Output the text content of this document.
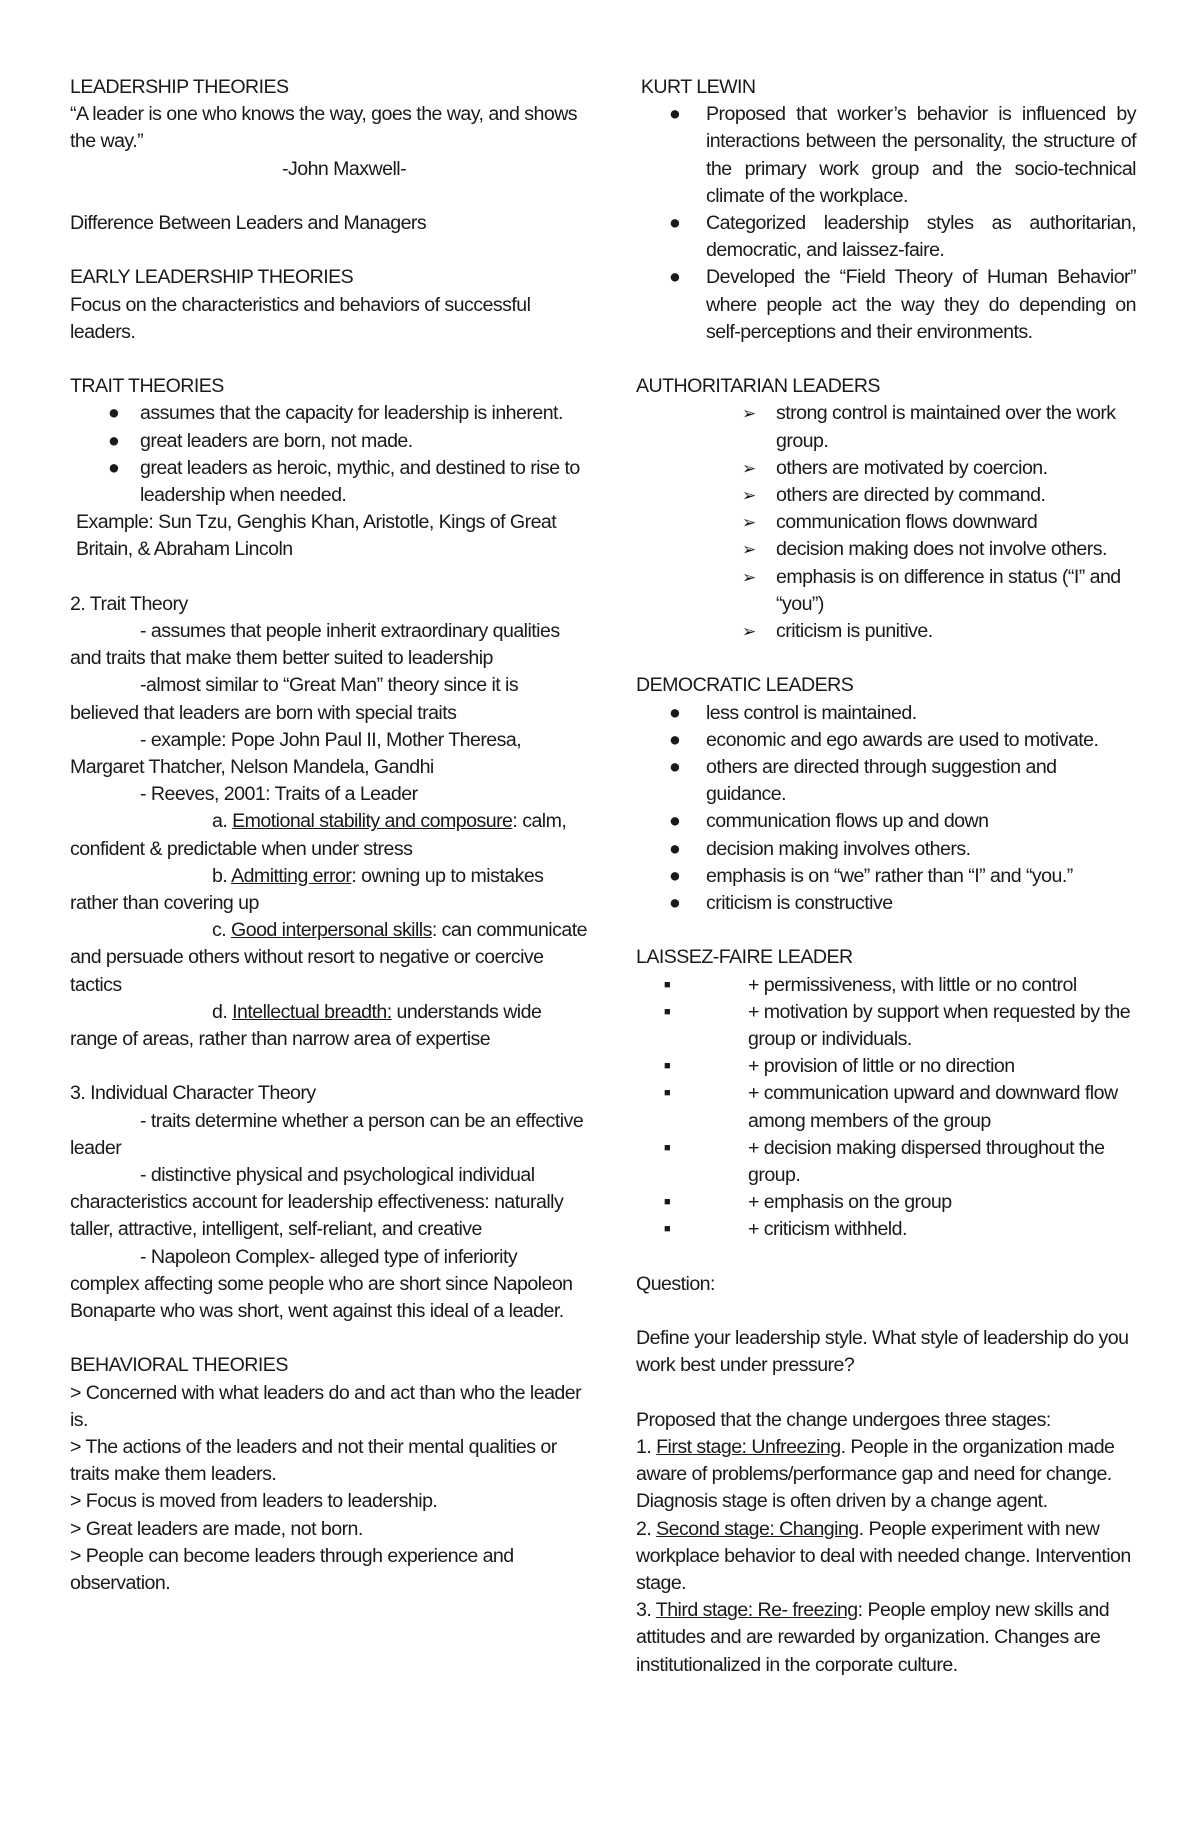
LEADERSHIP THEORIES

“A leader is one who knows the way, goes the way, and shows the way.”

-John Maxwell-

Difference Between Leaders and Managers

EARLY LEADERSHIP THEORIES

Focus on the characteristics and behaviors of successful leaders.

TRAIT THEORIES

● assumes that the capacity for leadership is inherent.
● great leaders are born, not made.
● great leaders as heroic, mythic, and destined to rise to leadership when needed.

Example: Sun Tzu, Genghis Khan, Aristotle, Kings of Great Britain, & Abraham Lincoln

2. Trait Theory

- assumes that people inherit extraordinary qualities and traits that make them better suited to leadership

-almost similar to “Great Man” theory since it is believed that leaders are born with special traits

- example: Pope John Paul II, Mother Theresa, Margaret Thatcher, Nelson Mandela, Gandhi

- Reeves, 2001: Traits of a Leader

a. Emotional stability and composure: calm, confident & predictable when under stress

b. Admitting error: owning up to mistakes rather than covering up

c. Good interpersonal skills: can communicate and persuade others without resort to negative or coercive tactics

d. Intellectual breadth: understands wide range of areas, rather than narrow area of expertise

3. Individual Character Theory

- traits determine whether a person can be an effective leader

- distinctive physical and psychological individual characteristics account for leadership effectiveness: naturally taller, attractive, intelligent, self-reliant, and creative

- Napoleon Complex- alleged type of inferiority complex affecting some people who are short since Napoleon Bonaparte who was short, went against this ideal of a leader.

BEHAVIORAL THEORIES

> Concerned with what leaders do and act than who the leader is.

> The actions of the leaders and not their mental qualities or traits make them leaders.

> Focus is moved from leaders to leadership.

> Great leaders are made, not born.

> People can become leaders through experience and observation.

KURT LEWIN

● Proposed that worker’s behavior is influenced by interactions between the personality, the structure of the primary work group and the socio-technical climate of the workplace.
● Categorized leadership styles as authoritarian, democratic, and laissez-faire.
● Developed the “Field Theory of Human Behavior” where people act the way they do depending on self-perceptions and their environments.

AUTHORITARIAN LEADERS

➢ strong control is maintained over the work group.
➢ others are motivated by coercion.
➢ others are directed by command.
➢ communication flows downward
➢ decision making does not involve others.
➢ emphasis is on difference in status (“I” and “you”)
➢ criticism is punitive.

DEMOCRATIC LEADERS

● less control is maintained.
● economic and ego awards are used to motivate.
● others are directed through suggestion and guidance.
● communication flows up and down
● decision making involves others.
● emphasis is on “we” rather than “I” and “you.”
● criticism is constructive

LAISSEZ-FAIRE LEADER

■	+ permissiveness, with little or no control
■	+ motivation by support when requested by the group or individuals.
■	+ provision of little or no direction
■	+ communication upward and downward flow among members of the group
■	+ decision making dispersed throughout the group.
■	+ emphasis on the group
■	+ criticism withheld.

Question:

Define your leadership style. What style of leadership do you work best under pressure?

Proposed that the change undergoes three stages:

1. First stage: Unfreezing. People in the organization made aware of problems/performance gap and need for change. Diagnosis stage is often driven by a change agent.

2. Second stage: Changing. People experiment with new workplace behavior to deal with needed change. Intervention stage.

3. Third stage: Re- freezing: People employ new skills and attitudes and are rewarded by organization. Changes are institutionalized in the corporate culture.
